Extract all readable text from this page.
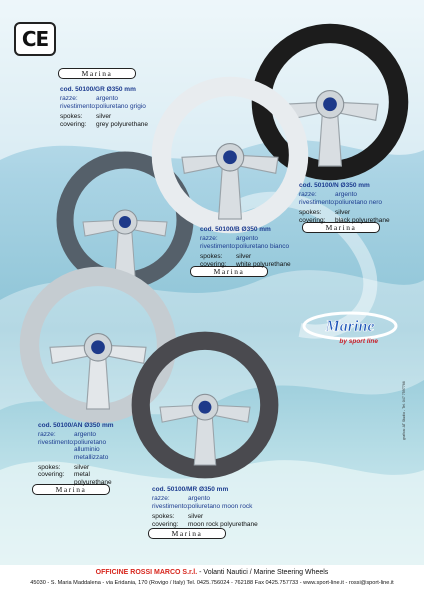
CE
Marina
Marina
Marina
Marina
Marina
cod. 50100/GR Ø350 mm
razze:	argento
rivestimento: poliuretano grigio
spokes:	silver
covering:	grey polyurethane
cod. 50100/N Ø350 mm
razze:	argento
rivestimento: poliuretano nero
spokes:	silver
covering:	black polyurethane
cod. 50100/B Ø350 mm
razze:	argento
rivestimento: poliuretano bianco
spokes:	silver
covering:	white polyurethane
cod. 50100/AN Ø350 mm
razze:	argento
rivestimento: poliuretano alluminio metallizzato
spokes:	silver
covering:	metal polyurethane
cod. 50100/MR Ø350 mm
razze:	argento
rivestimento: poliuretano moon rock
spokes:	silver
covering:	moon rock polyurethane
Marine
by sport line
grafica: AT Studio - Tel. 047 7597766
OFFICINE ROSSI MARCO S.r.l. - Volanti Nautici / Marine Steering Wheels
45030 - S. Maria Maddalena - via Eridania, 170 (Rovigo / Italy) Tel. 0425.756024 - 762188 Fax 0425.757733 - www.sport-line.it - rossi@sport-line.it
